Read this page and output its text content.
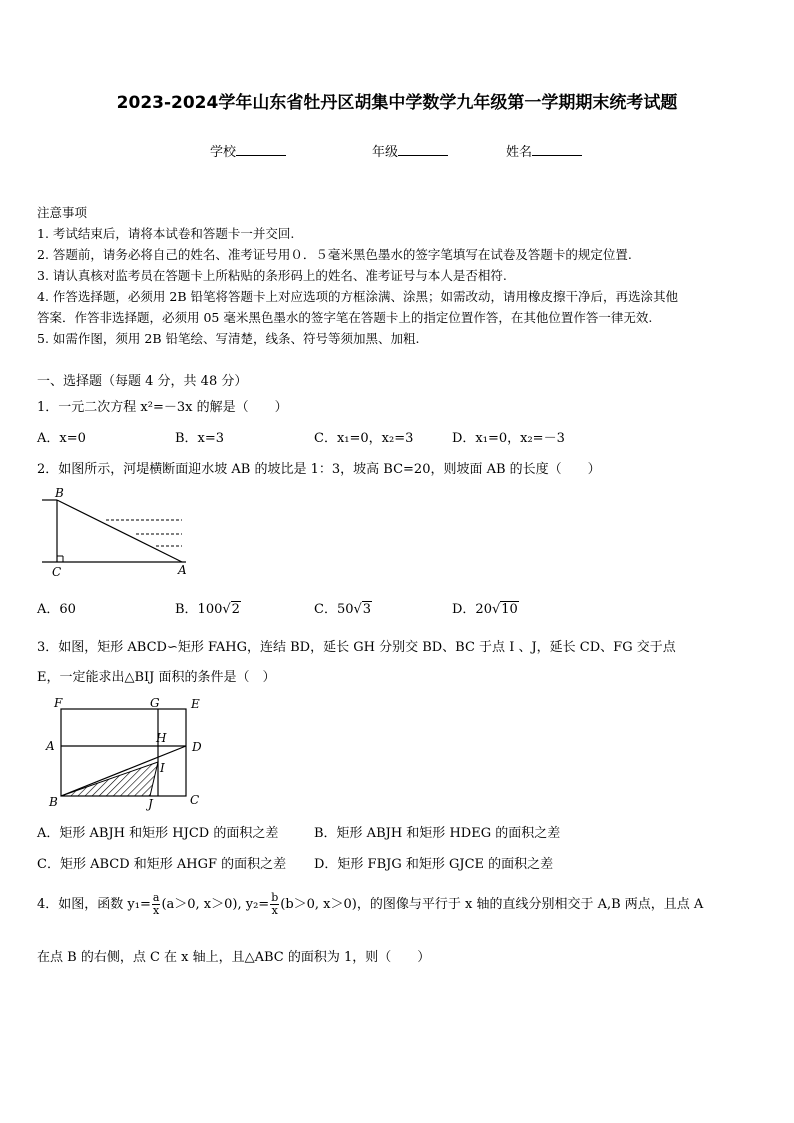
2023-2024学年山东省牡丹区胡集中学数学九年级第一学期期末统考试题
学校	年级	姓名
注意事项
1. 考试结束后，请将本试卷和答题卡一并交回.
2. 答题前，请务必将自己的姓名、准考证号用０．５毫米黑色墨水的签字笔填写在试卷及答题卡的规定位置.
3. 请认真核对监考员在答题卡上所粘贴的条形码上的姓名、准考证号与本人是否相符.
4. 作答选择题，必须用 2B 铅笔将答题卡上对应选项的方框涂满、涂黑；如需改动，请用橡皮擦干净后，再选涂其他
答案．作答非选择题，必须用 05 毫米黑色墨水的签字笔在答题卡上的指定位置作答，在其他位置作答一律无效.
5. 如需作图，须用 2B 铅笔绘、写清楚，线条、符号等须加黑、加粗.
一、选择题（每题 4 分，共 48 分）
1．一元二次方程 x²=－3x 的解是（　　）
A．x=0	B．x=3	C．x₁=0，x₂=3	D．x₁=0，x₂=－3
2．如图所示，河堤横断面迎水坡 AB 的坡比是 1：3，坡高 BC=20，则坡面 AB 的长度（　　）
B
C	A
A．60	B．100√2	C．50√3	D．20√10
3．如图，矩形 ABCD∽矩形 FAHG，连结 BD，延长 GH 分别交 BD、BC 于点 I 、J，延长 CD、FG 交于点
E，一定能求出△BIJ 面积的条件是（　）
F	G	E
A
H
D
I
B	J	C
A．矩形 ABJH 和矩形 HJCD 的面积之差	B．矩形 ABJH 和矩形 HDEG 的面积之差
C．矩形 ABCD 和矩形 AHGF 的面积之差 D．矩形 FBJG 和矩形 GJCE 的面积之差
4．如图，函数 $y_1= \frac{a}{x} (a>0$, x＞0), $y_2= \frac{b}{x} (b>0$, x＞0)，的图像与平行于 x 轴的直线分别相交于 A,B 两点，且点 A
在点 B 的右侧，点 C 在 x 轴上，且△ABC 的面积为 1，则（　　）
